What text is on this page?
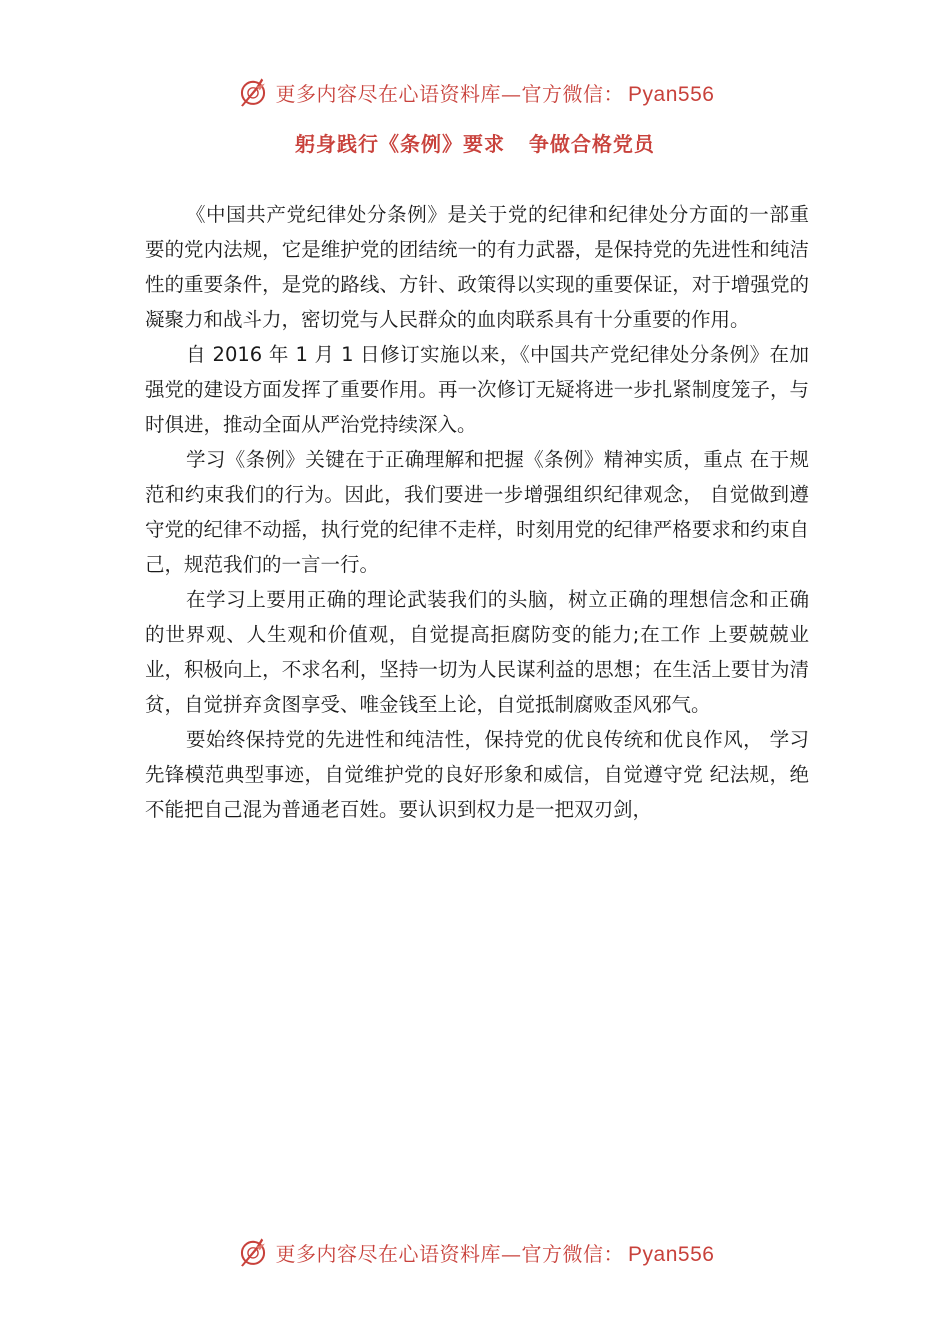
更多内容尽在心语资料库—官方微信： Pyan556
躬身践行《条例》要求   争做合格党员

《中国共产党纪律处分条例》是关于党的纪律和纪律处分方面的一部重要的党内法规，它是维护党的团结统一的有力武器，是保持党的先进性和纯洁性的重要条件，是党的路线、方针、政策得以实现的重要保证，对于增强党的凝聚力和战斗力，密切党与人民群众的血肉联系具有十分重要的作用。

自 2016 年 1 月 1 日修订实施以来，《中国共产党纪律处分条例》在加强党的建设方面发挥了重要作用。再一次修订无疑将进一步扎紧制度笼子，与时俱进，推动全面从严治党持续深入。

学习《条例》关键在于正确理解和把握《条例》精神实质，重点 在于规范和约束我们的行为。因此，我们要进一步增强组织纪律观念， 自觉做到遵守党的纪律不动摇，执行党的纪律不走样，时刻用党的纪律严格要求和约束自己，规范我们的一言一行。

在学习上要用正确的理论武装我们的头脑，树立正确的理想信念和正确的世界观、人生观和价值观，自觉提高拒腐防变的能力;在工作 上要兢兢业业，积极向上，不求名利，坚持一切为人民谋利益的思想；在生活上要甘为清贫，自觉拼弃贪图享受、唯金钱至上论，自觉抵制腐败歪风邪气。

要始终保持党的先进性和纯洁性，保持党的优良传统和优良作风， 学习先锋模范典型事迹，自觉维护党的良好形象和威信，自觉遵守党 纪法规，绝不能把自己混为普通老百姓。要认识到权力是一把双刃剑，

更多内容尽在心语资料库—官方微信： Pyan556
